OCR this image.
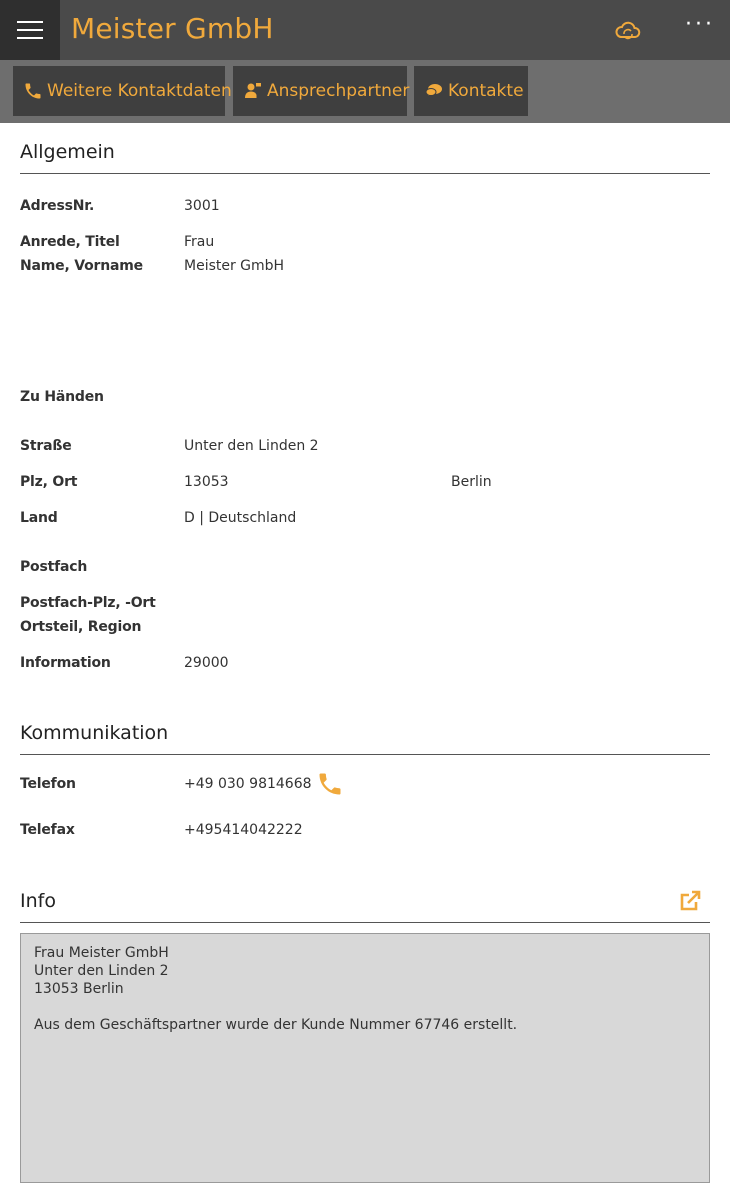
Meister GmbH	···
Weitere Kontaktdaten Ansprechpartner Kontakte
Allgemein
AdressNr.	3001
Anrede, Titel	Frau
Name, Vorname	Meister GmbH
Zu Händen
Straße	Unter den Linden 2
Plz, Ort	13053	Berlin
Land	D | Deutschland
Postfach
Postfach-Plz, -Ort
Ortsteil, Region
Information	29000
Kommunikation
Telefon	+49 030 9814668
Telefax	+495414042222
Info
Frau Meister GmbH
Unter den Linden 2
13053 Berlin
Aus dem Geschäftspartner wurde der Kunde Nummer 67746 erstellt.
